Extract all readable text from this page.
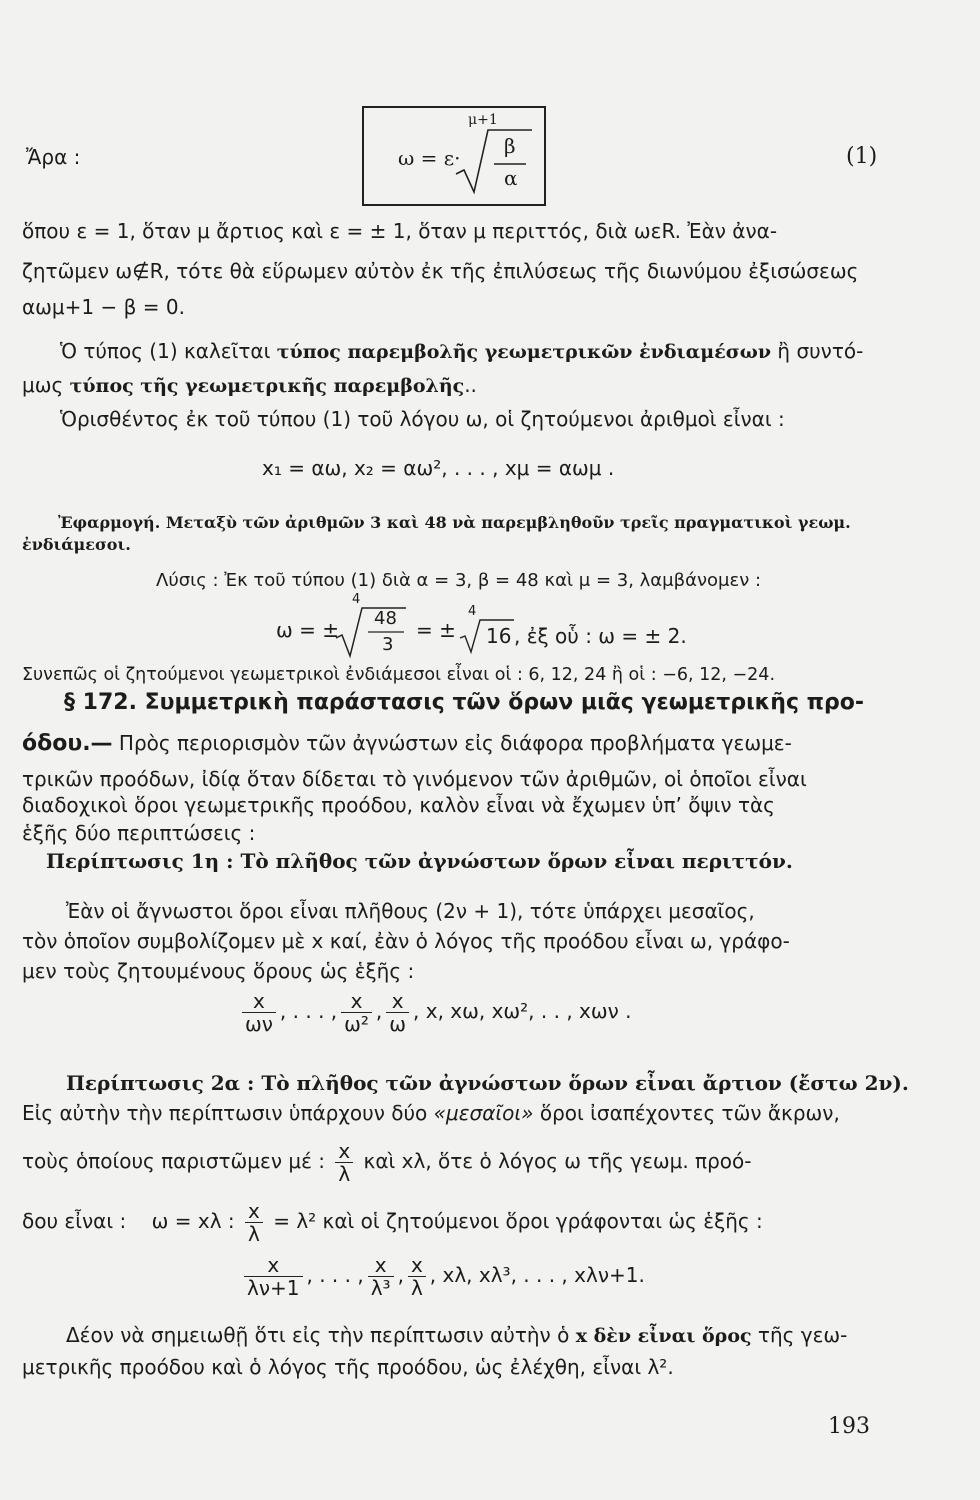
Ἄρα :
μ+1
ω = ε· β
α
(1)
ὅπου ε = 1, ὅταν μ ἄρτιος καὶ ε = ± 1, ὅταν μ περιττός, διὰ ωεR. Ἐὰν ἀνα-
ζητῶμεν ω∉R, τότε θὰ εὕρωμεν αὐτὸν ἐκ τῆς ἐπιλύσεως τῆς διωνύμου ἐξισώσεως
αωμ+1 − β = 0.
Ὁ τύπος (1) καλεῖται τύπος παρεμβολῆς γεωμετρικῶν ἐνδιαμέσων ἢ συντό-
μως τύπος τῆς γεωμετρικῆς παρεμβολῆς..
Ὁρισθέντος ἐκ τοῦ τύπου (1) τοῦ λόγου ω, οἱ ζητούμενοι ἀριθμοὶ εἶναι :
x₁ = αω, x₂ = αω², . . . , xμ = αωμ .
Ἐφαρμογή. Μεταξὺ τῶν ἀριθμῶν 3 καὶ 48 νὰ παρεμβληθοῦν τρεῖς πραγματικοὶ γεωμ.
ἐνδιάμεσοι.
Λύσις : Ἐκ τοῦ τύπου (1) διὰ α = 3, β = 48 καὶ μ = 3, λαμβάνομεν :
4
ω = ± 48
3
= ±
4
16 , ἐξ οὗ : ω = ± 2.
Συνεπῶς οἱ ζητούμενοι γεωμετρικοὶ ἐνδιάμεσοι εἶναι οἱ : 6, 12, 24 ἢ οἱ : −6, 12, −24.
§ 172. Συμμετρικὴ παράστασις τῶν ὅρων μιᾶς γεωμετρικῆς προ-
όδου.— Πρὸς περιορισμὸν τῶν ἀγνώστων εἰς διάφορα προβλήματα γεωμε-
τρικῶν προόδων, ἰδίᾳ ὅταν δίδεται τὸ γινόμενον τῶν ἀριθμῶν, οἱ ὁποῖοι εἶναι
διαδοχικοὶ ὅροι γεωμετρικῆς προόδου, καλὸν εἶναι νὰ ἔχωμεν ὑπ’ ὄψιν τὰς
ἑξῆς δύο περιπτώσεις :
Περίπτωσις 1η : Τὸ πλῆθος τῶν ἀγνώστων ὅρων εἶναι περιττόν.
Ἐὰν οἱ ἄγνωστοι ὅροι εἶναι πλῆθους (2ν + 1), τότε ὑπάρχει μεσαῖος,
τὸν ὁποῖον συμβολίζομεν μὲ x καί, ἐὰν ὁ λόγος τῆς προόδου εἶναι ω, γράφο-
μεν τοὺς ζητουμένους ὅρους ὡς ἑξῆς :
$\frac{x}{\omega\nu}$ , . . . , $\frac{x}{\text{ω²}}$ , $\frac{x}{\omega}$ , x, xω, xω², . . , xων .
Περίπτωσις 2α : Τὸ πλῆθος τῶν ἀγνώστων ὅρων εἶναι ἄρτιον (ἔστω 2ν).
Εἰς αὐτὴν τὴν περίπτωσιν ὑπάρχουν δύο «μεσαῖοι» ὅροι ἰσαπέχοντες τῶν ἄκρων,
τοὺς ὁποίους παριστῶμεν μέ : $\frac{x}{\lambda}$ καὶ xλ, ὅτε ὁ λόγος ω τῆς γεωμ. προό-
δου εἶναι : ω = xλ : $\frac{x}{\lambda} = \lambda^2$ καὶ οἱ ζητούμενοι ὅροι γράφονται ὡς ἑξῆς :
$\frac{x}{\lambda\nu+1}$ , . . . , $\frac{x}{\text{λ³}}$ , $\frac{x}{\lambda}$ , xλ, xλ³, . . . , xλν+1.
Δέον νὰ σημειωθῇ ὅτι εἰς τὴν περίπτωσιν αὐτὴν ὁ x δὲν εἶναι ὅρος τῆς γεω-
μετρικῆς προόδου καὶ ὁ λόγος τῆς προόδου, ὡς ἐλέχθη, εἶναι λ².
193
